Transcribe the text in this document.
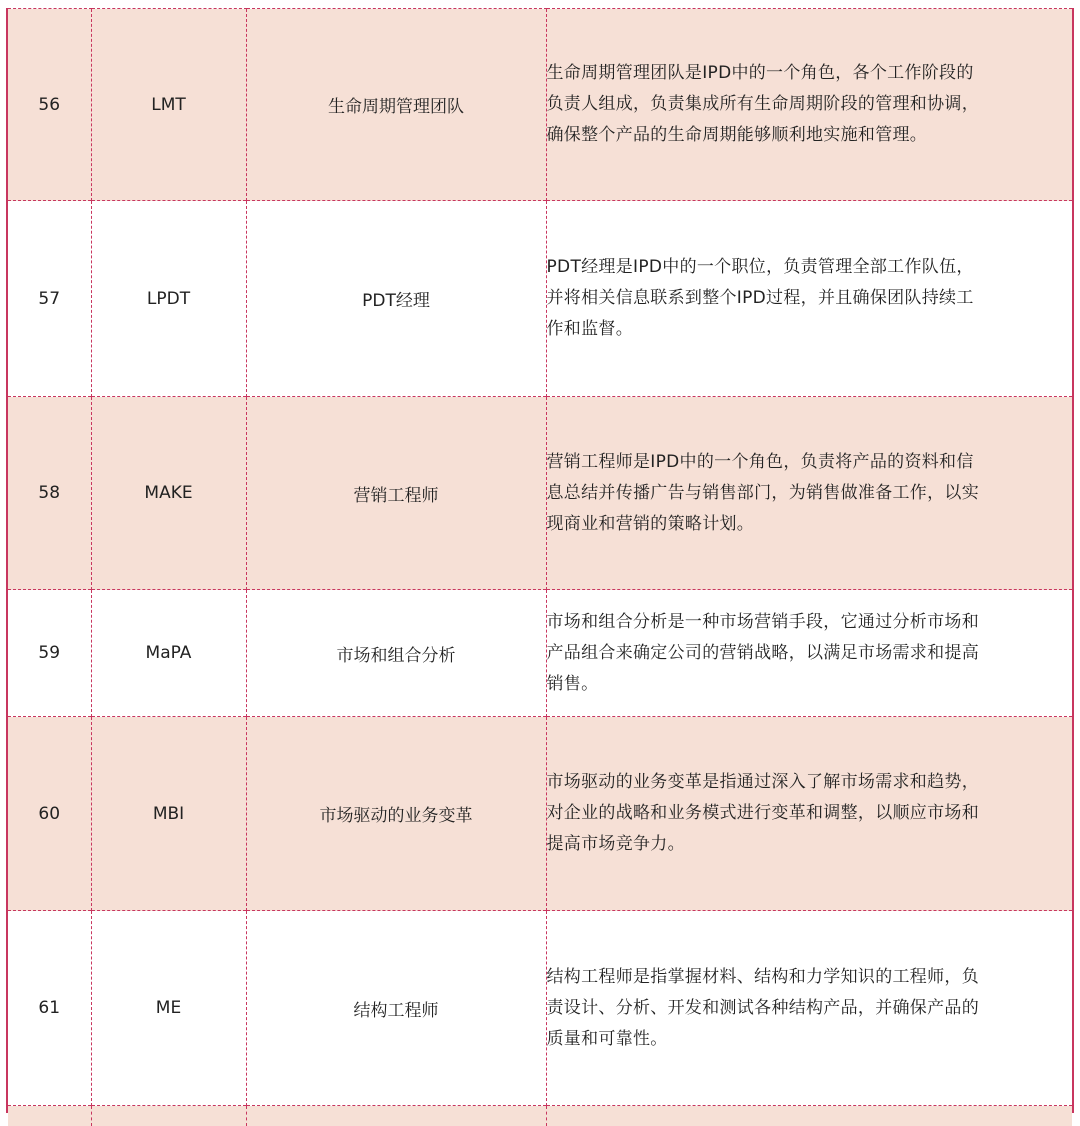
56	LMT	生命周期管理团队	生命周期管理团队是IPD中的一个角色，各个工作阶段的
负责人组成，负责集成所有生命周期阶段的管理和协调，
确保整个产品的生命周期能够顺利地实施和管理。

57	LPDT	PDT经理	PDT经理是IPD中的一个职位，负责管理全部工作队伍，
并将相关信息联系到整个IPD过程，并且确保团队持续工
作和监督。

58	MAKE	营销工程师	营销工程师是IPD中的一个角色，负责将产品的资料和信
息总结并传播广告与销售部门，为销售做准备工作，以实
现商业和营销的策略计划。

59	MaPA	市场和组合分析	市场和组合分析是一种市场营销手段，它通过分析市场和
产品组合来确定公司的营销战略，以满足市场需求和提高
销售。

60	MBI	市场驱动的业务变革	市场驱动的业务变革是指通过深入了解市场需求和趋势，
对企业的战略和业务模式进行变革和调整，以顺应市场和
提高市场竞争力。

61	ME	结构工程师	结构工程师是指掌握材料、结构和力学知识的工程师，负
责设计、分析、开发和测试各种结构产品，并确保产品的
质量和可靠性。
